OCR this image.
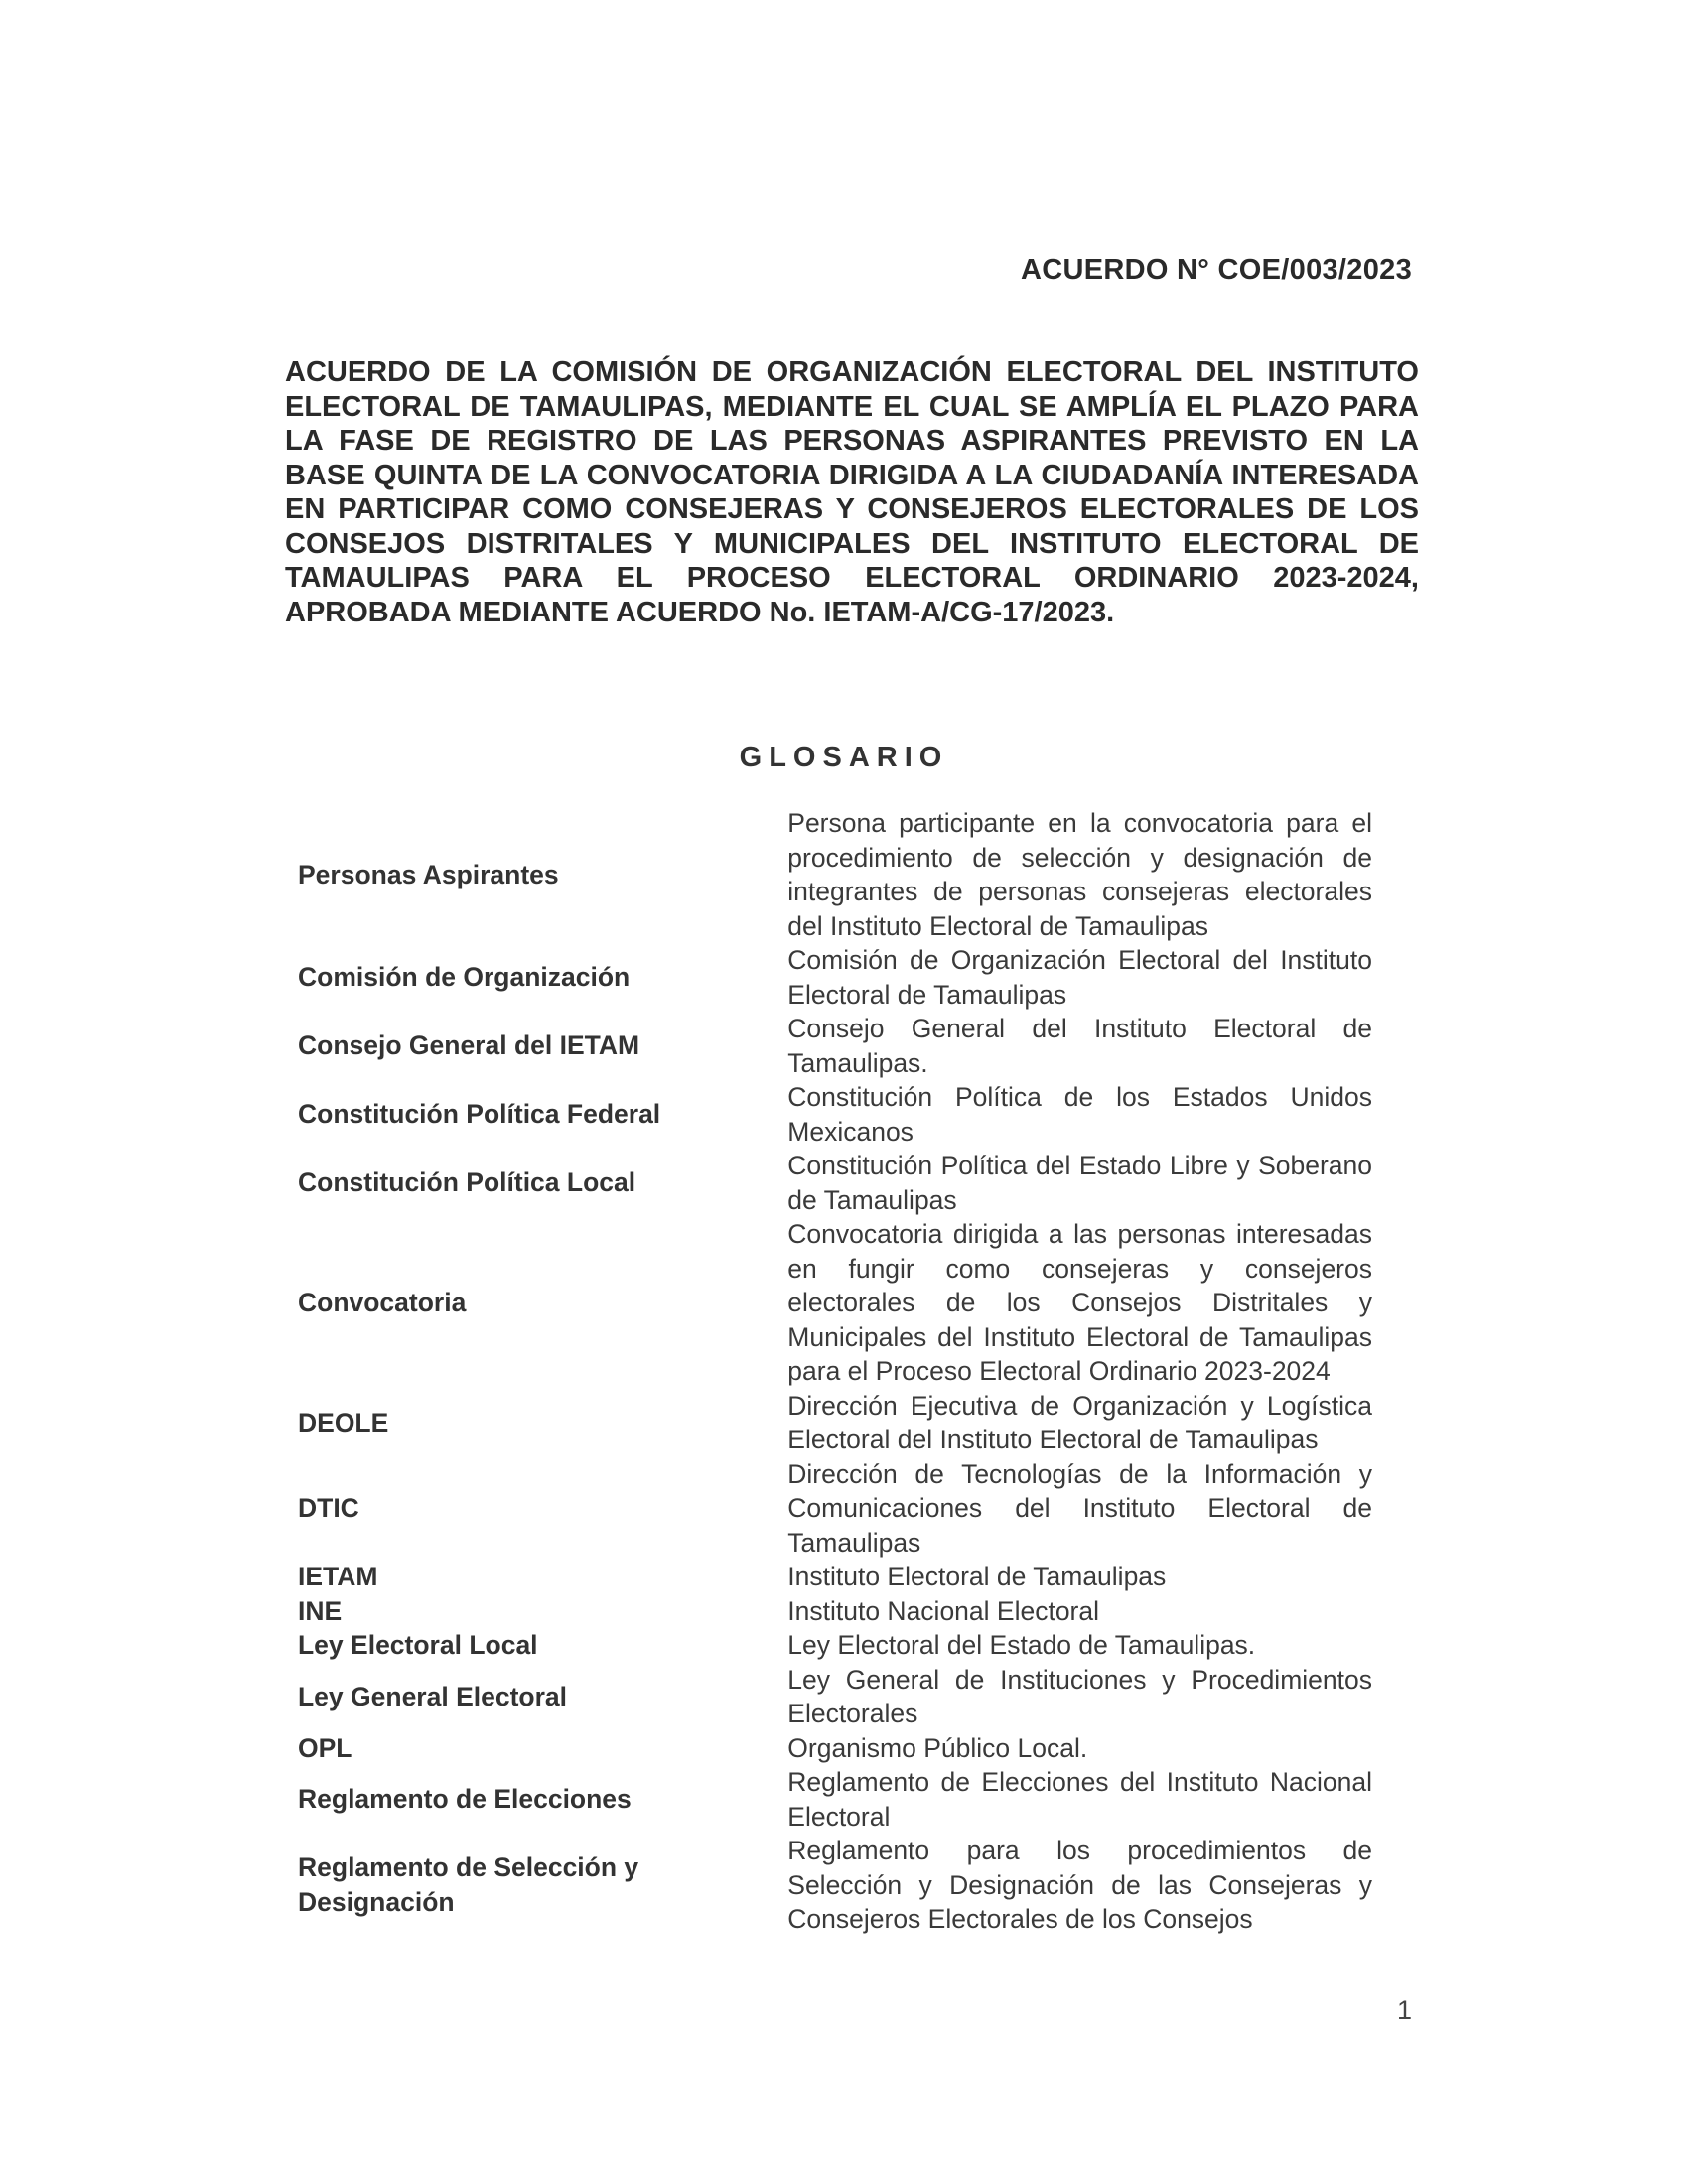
ACUERDO N° COE/003/2023

ACUERDO DE LA COMISIÓN DE ORGANIZACIÓN ELECTORAL DEL INSTITUTO ELECTORAL DE TAMAULIPAS, MEDIANTE EL CUAL SE AMPLÍA EL PLAZO PARA LA FASE DE REGISTRO DE LAS PERSONAS ASPIRANTES PREVISTO EN LA BASE QUINTA DE LA CONVOCATORIA DIRIGIDA A LA CIUDADANÍA INTERESADA EN PARTICIPAR COMO CONSEJERAS Y CONSEJEROS ELECTORALES DE LOS CONSEJOS DISTRITALES Y MUNICIPALES DEL INSTITUTO ELECTORAL DE TAMAULIPAS PARA EL PROCESO ELECTORAL ORDINARIO 2023-2024, APROBADA MEDIANTE ACUERDO No. IETAM-A/CG-17/2023.

GLOSARIO
Personas Aspirantes	Persona participante en la convocatoria para el procedimiento de selección y designación de integrantes de personas consejeras electorales del Instituto Electoral de Tamaulipas
Comisión de Organización	Comisión de Organización Electoral del Instituto Electoral de Tamaulipas
Consejo General del IETAM	Consejo General del Instituto Electoral de Tamaulipas.
Constitución Política Federal	Constitución Política de los Estados Unidos Mexicanos
Constitución Política Local	Constitución Política del Estado Libre y Soberano de Tamaulipas
Convocatoria	Convocatoria dirigida a las personas interesadas en fungir como consejeras y consejeros electorales de los Consejos Distritales y Municipales del Instituto Electoral de Tamaulipas para el Proceso Electoral Ordinario 2023-2024
DEOLE	Dirección Ejecutiva de Organización y Logística Electoral del Instituto Electoral de Tamaulipas
DTIC	Dirección de Tecnologías de la Información y Comunicaciones del Instituto Electoral de Tamaulipas
IETAM	Instituto Electoral de Tamaulipas
INE	Instituto Nacional Electoral
Ley Electoral Local	Ley Electoral del Estado de Tamaulipas.
Ley General Electoral	Ley General de Instituciones y Procedimientos Electorales
OPL	Organismo Público Local.
Reglamento de Elecciones	Reglamento de Elecciones del Instituto Nacional Electoral
Reglamento de Selección y Designación	Reglamento para los procedimientos de Selección y Designación de las Consejeras y Consejeros Electorales de los Consejos
1
